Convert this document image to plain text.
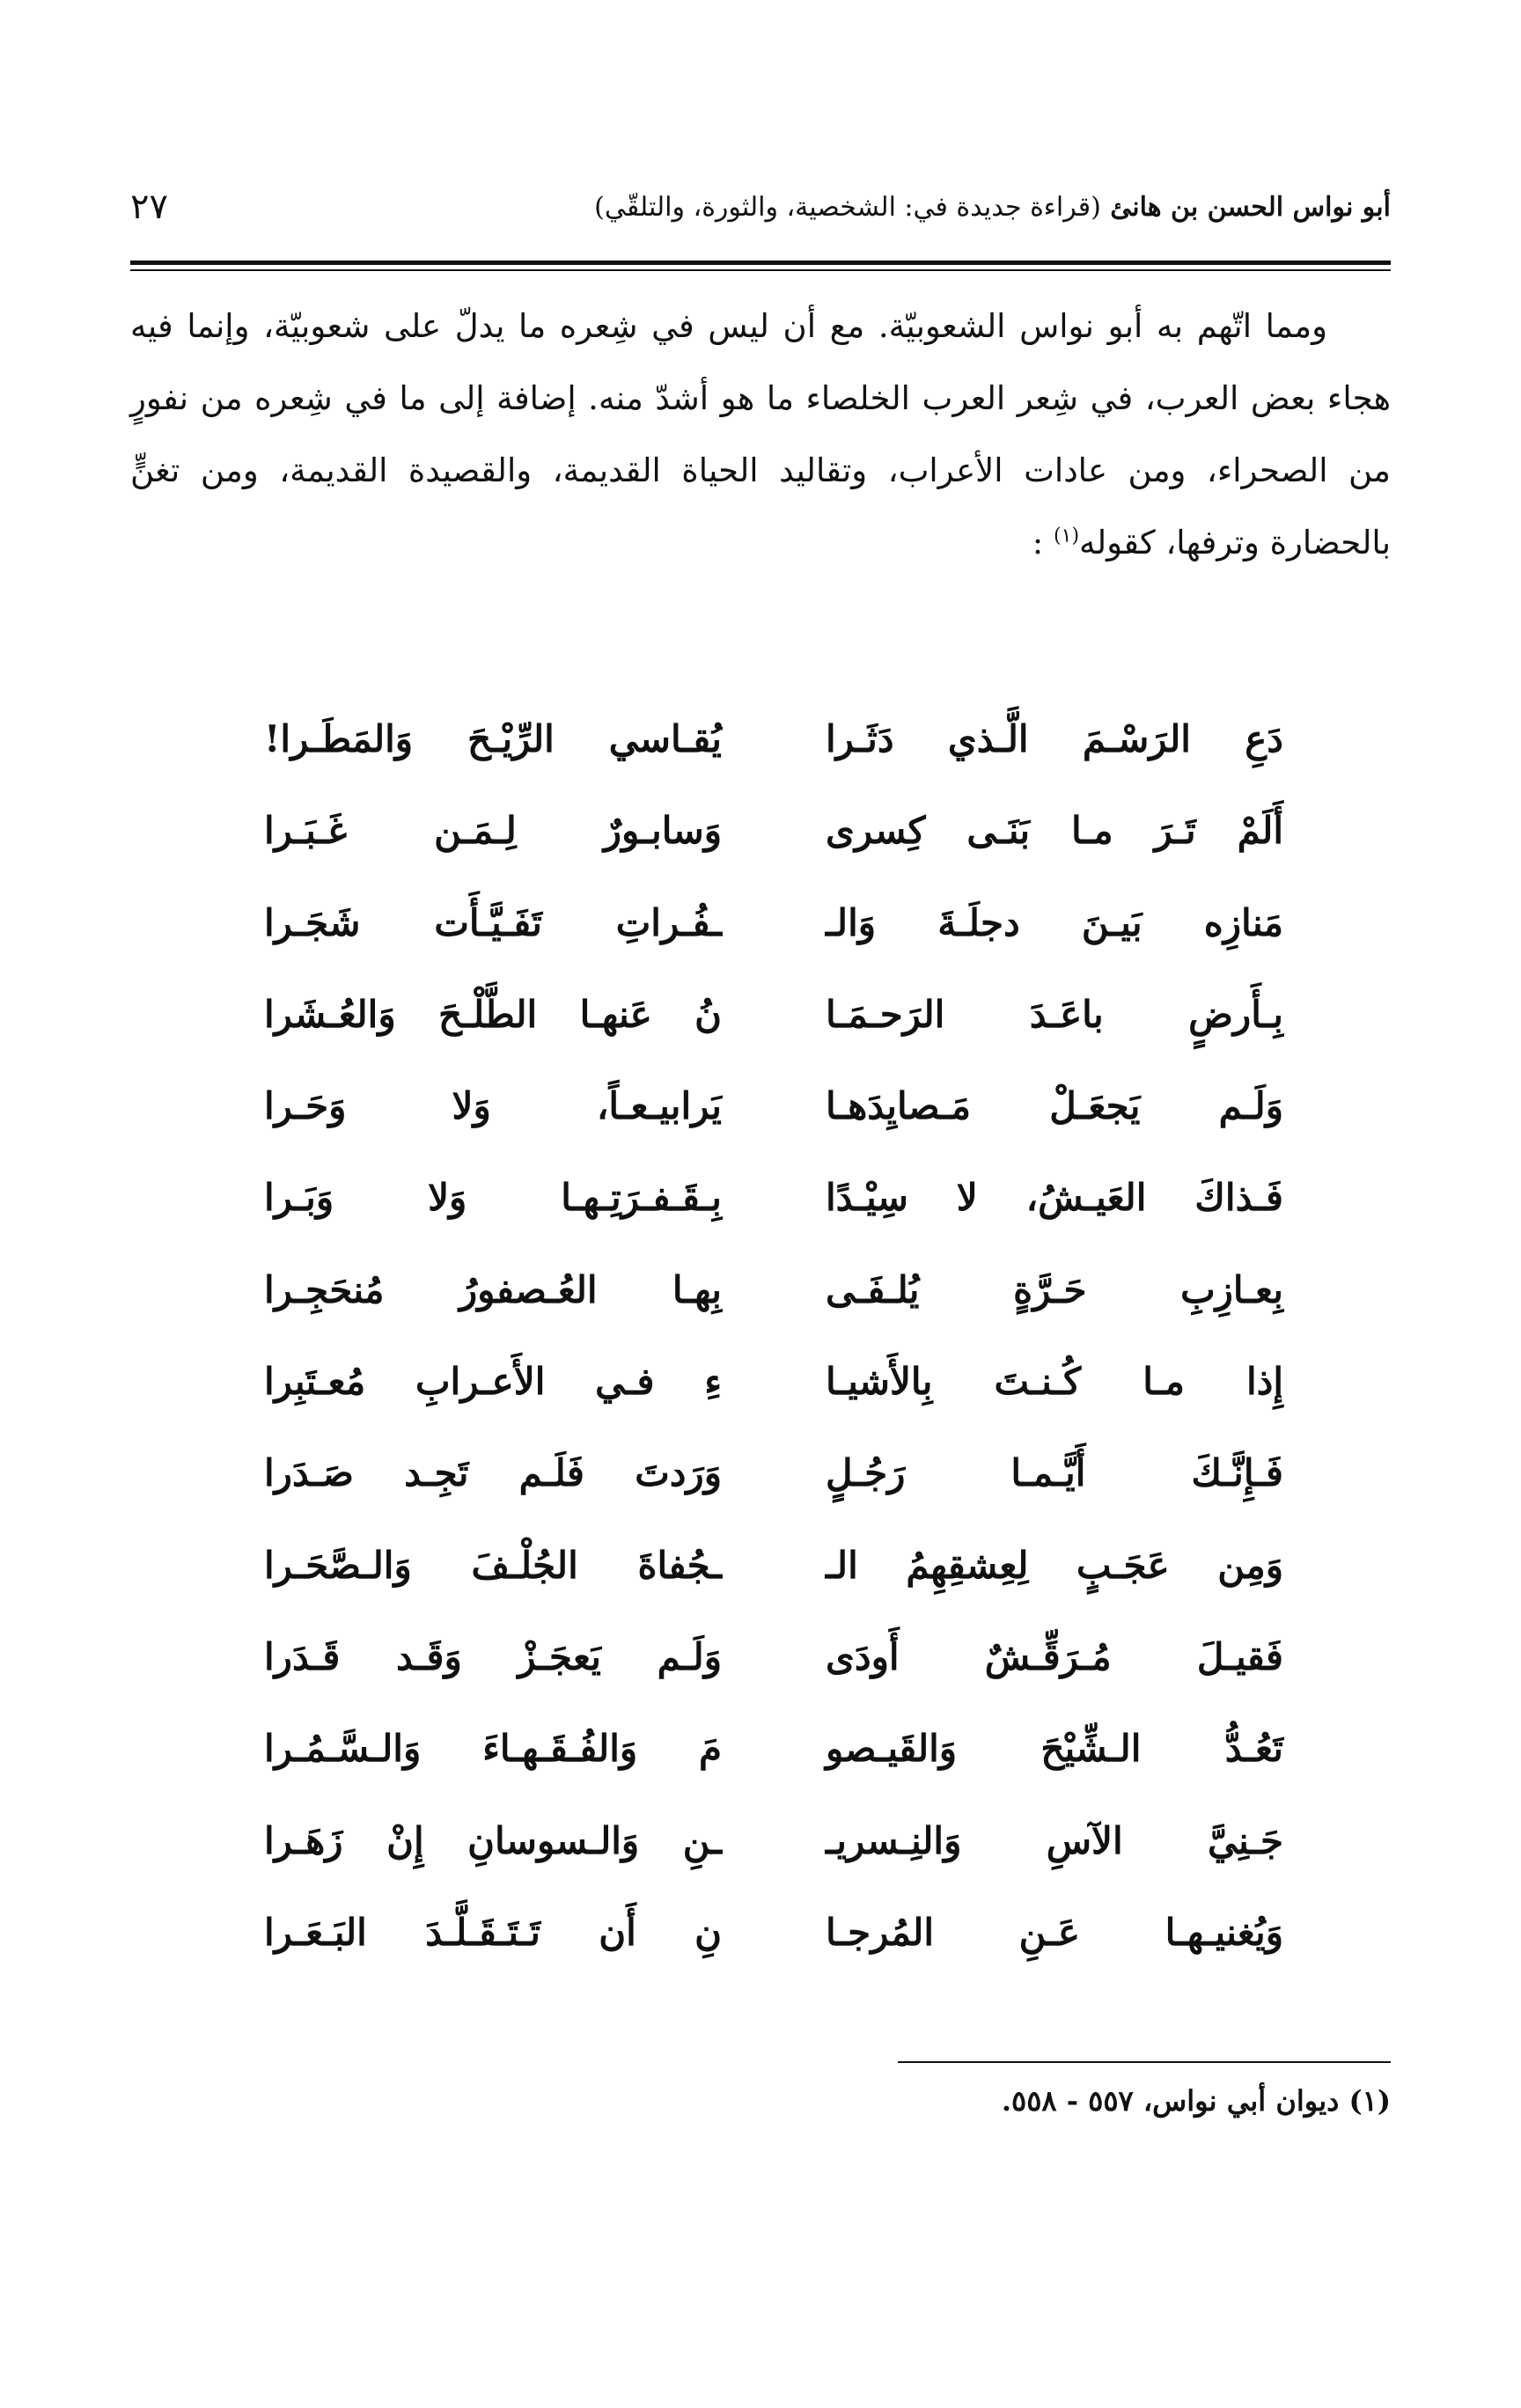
أبو نواس الحسن بن هانئ (قراءة جديدة في: الشخصية، والثورة، والتلقّي)
٢٧

ومما اتّهم به أبو نواس الشعوبيّة. مع أن ليس في شِعره ما يدلّ على شعوبيّة، وإنما فيه هجاء بعض العرب، في شِعر العرب الخلصاء ما هو أشدّ منه. إضافة إلى ما في شِعره من نفورٍ من الصحراء، ومن عادات الأعراب، وتقاليد الحياة القديمة، والقصيدة القديمة، ومن تغنٍّ بالحضارة وترفها، كقوله$^{(١)}$ :

دَعِ الرَسْـمَ الَّـذي دَثَـرا
يُقـاسي الرِّيْـحَ وَالمَطَـرا!
أَلَمْ تَـرَ مـا بَنَـى كِسرى
وَسابـورٌ لِـمَـن غَـبَـرا
مَنازِه بَيـنَ دجلَـةَ وَالـ
ـفُـراتِ تَفَـيَّـأَت شَجَـرا
بِـأَرضٍ باعَـدَ الرَحـمَـا
نُ عَنهـا الطَّلْـحَ وَالعُـشَرا
وَلَـم يَجعَـلْ مَـصايِدَهـا
يَرابيـعـاً، وَلا وَحَـرا
فَـذاكَ العَيـشُ، لا سِيْـدًا
بِـقَـفـرَتِـهـا وَلا وَبَـرا
بِعـازِبِ حَـرَّةٍ يُلـفَـى
بِهـا العُـصفورُ مُنحَجِـرا
إِذا مـا كُـنـتَ بِالأَشيـا
ءِ فـي الأَعـرابِ مُعـتَبِرا
فَـإِنَّـكَ أَيَّـمـا رَجُـلٍ
وَرَدتَ فَلَـم تَجِـد صَـدَرا
وَمِن عَجَـبٍ لِعِشقِهِمُ الـ
ـجُفاةَ الجُلْـفَ وَالـصَّحَـرا
فَقيـلَ مُـرَقِّـشٌ أَودَى
وَلَـم يَعجَـزْ وَقَـد قَـدَرا
تَعُـدُّ الـشِّيْحَ وَالقَيـصو
مَ وَالفُـقَـهـاءَ وَالـسَّـمُـرا
جَـنِيَّ الآسِ وَالنِـسريـ
ـنِ وَالـسوسانِ إِنْ زَهَـرا
وَيُغنيـهـا عَـنِ المُرجـا
نِ أَن تَـتَـقَـلَّـدَ البَـعَـرا
(١) ديوان أبي نواس، ٥٥٧ - ٥٥٨.
